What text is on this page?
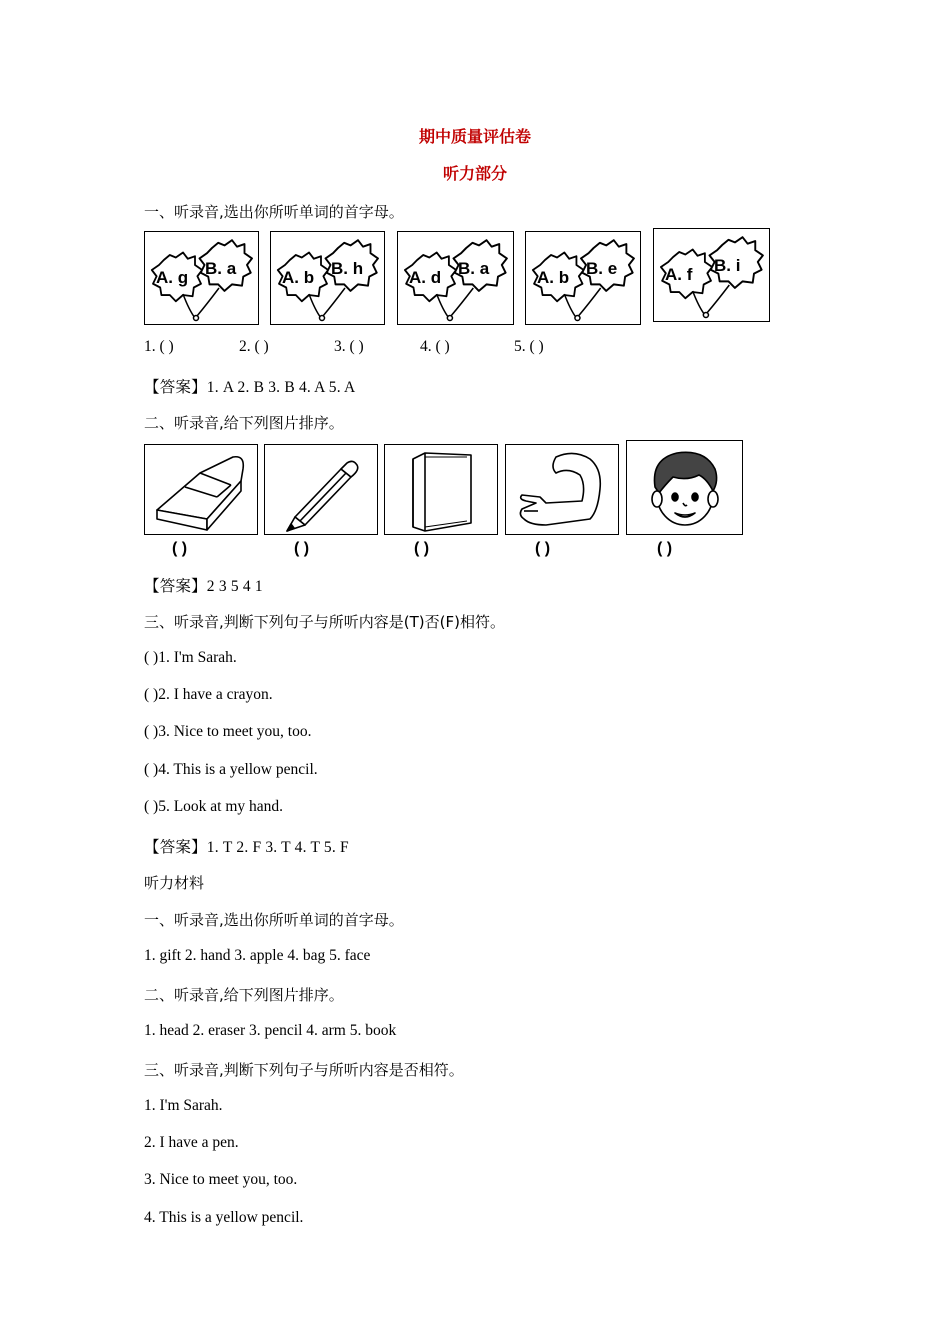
期中质量评估卷
听力部分
一、听录音,选出你所听单词的首字母。
A. g B. a	A. b B. h	A. d B. a	A. b B. e	A. f B. i
1. ( )	2. ( )	3. ( )	4. ( )	5. ( )
【答案】1. A 2. B 3. B 4. A 5. A
二、听录音,给下列图片排序。
( )	( )	( )	( )	( )
【答案】2 3 5 4 1
三、听录音,判断下列句子与所听内容是(T)否(F)相符。
( )1. I'm Sarah.
( )2. I have a crayon.
( )3. Nice to meet you, too.
( )4. This is a yellow pencil.
( )5. Look at my hand.
【答案】1. T 2. F 3. T 4. T 5. F
听力材料
一、听录音,选出你所听单词的首字母。
1. gift 2. hand 3. apple 4. bag 5. face
二、听录音,给下列图片排序。
1. head 2. eraser 3. pencil 4. arm 5. book
三、听录音,判断下列句子与所听内容是否相符。
1. I'm Sarah.
2. I have a pen.
3. Nice to meet you, too.
4. This is a yellow pencil.
